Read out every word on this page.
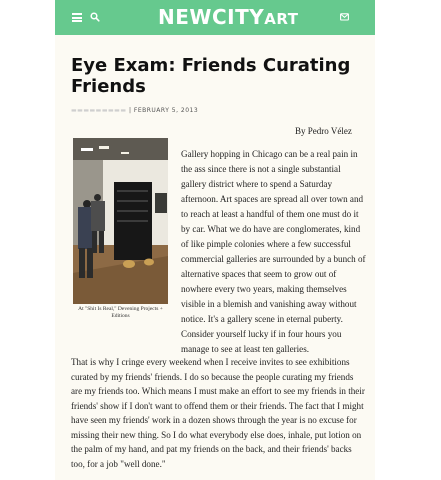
NEWCITYART
Eye Exam: Friends Curating Friends
▬▬▬▬▬▬▬▬▬ | FEBRUARY 5, 2013
By Pedro Vélez
At "Shit Is Real," Devening Projects + Editions

Gallery hopping in Chicago can be a real pain in the ass since there is not a single substantial gallery district where to spend a Saturday afternoon. Art spaces are spread all over town and to reach at least a handful of them one must do it by car. What we do have are conglomerates, kind of like pimple colonies where a few successful commercial galleries are surrounded by a bunch of alternative spaces that seem to grow out of nowhere every two years, making themselves visible in a blemish and vanishing away without notice. It's a gallery scene in eternal puberty. Consider yourself lucky if in four hours you manage to see at least ten galleries.

That is why I cringe every weekend when I receive invites to see exhibitions curated by my friends' friends. I do so because the people curating my friends are my friends too. Which means I must make an effort to see my friends in their friends' show if I don't want to offend them or their friends. The fact that I might have seen my friends' work in a dozen shows through the year is no excuse for missing their new thing. So I do what everybody else does, inhale, put lotion on the palm of my hand, and pat my friends on the back, and their friends' backs too, for a job "well done."
